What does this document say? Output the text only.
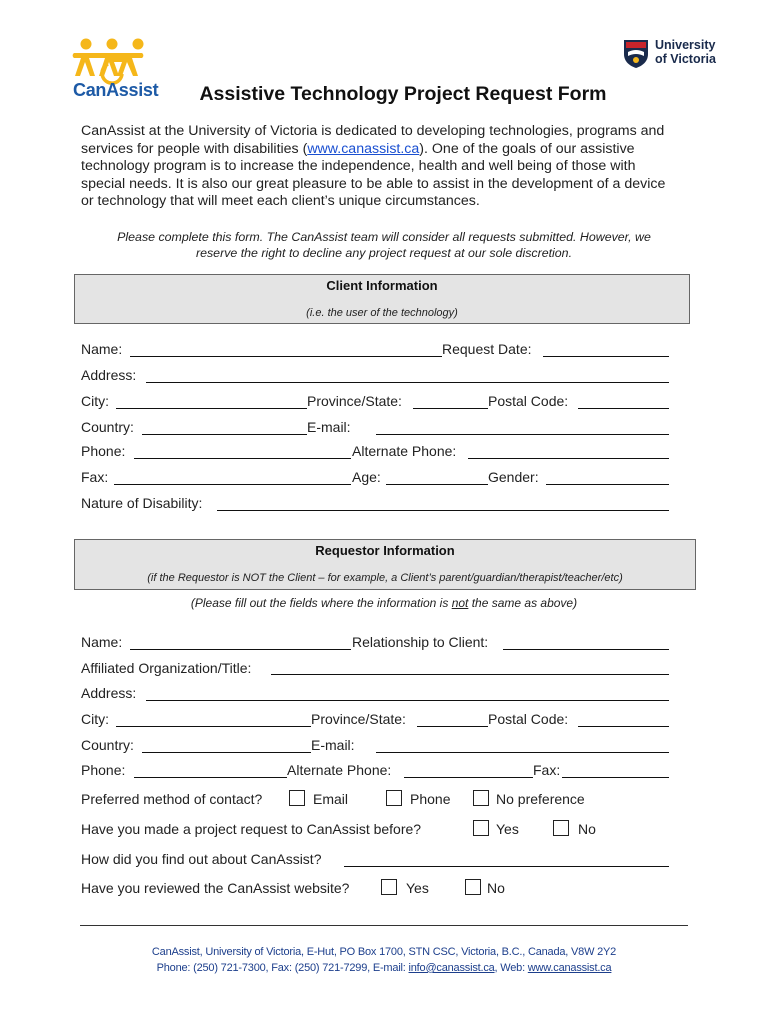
CanAssist
University
of Victoria
Assistive Technology Project Request Form
CanAssist at the University of Victoria is dedicated to developing technologies, programs and services for people with disabilities (www.canassist.ca). One of the goals of our assistive technology program is to increase the independence, health and well being of those with special needs. It is also our great pleasure to be able to assist in the development of a device or technology that will meet each client’s unique circumstances.
Please complete this form. The CanAssist team will consider all requests submitted. However, we
reserve the right to decline any project request at our sole discretion.
Client Information
(i.e. the user of the technology)
Name:	Request Date:
Address:
City:	Province/State:	Postal Code:
Country:	E-mail:
Phone:	Alternate Phone:
Fax:	Age:	Gender:
Nature of Disability:
Requestor Information
(if the Requestor is NOT the Client – for example, a Client’s parent/guardian/therapist/teacher/etc)
(Please fill out the fields where the information is not the same as above)
Name:	Relationship to Client:
Affiliated Organization/Title:
Address:
City:	Province/State:	Postal Code:
Country:	E-mail:
Phone:	Alternate Phone:	Fax:
Preferred method of contact?	Email	Phone	No preference
Have you made a project request to CanAssist before?	Yes	No
How did you find out about CanAssist?
Have you reviewed the CanAssist website?	Yes	No
CanAssist, University of Victoria, E-Hut, PO Box 1700, STN CSC, Victoria, B.C., Canada, V8W 2Y2
Phone: (250) 721-7300, Fax: (250) 721-7299, E-mail: info@canassist.ca, Web: www.canassist.ca
